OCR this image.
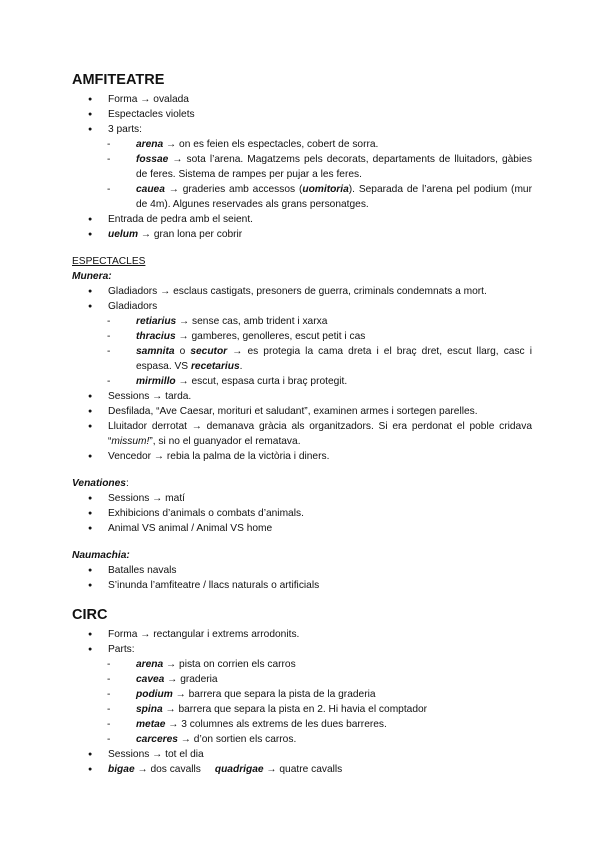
AMFITEATRE
● Forma → ovalada
● Espectacles violets
● 3 parts:
- arena → on es feien els espectacles, cobert de sorra.
- fossae → sota l’arena. Magatzems pels decorats, departaments de lluitadors, gàbies de feres. Sistema de rampes per pujar a les feres.
- cauea → graderies amb accessos (uomitoria). Separada de l’arena pel podium (mur de 4m). Algunes reservades als grans personatges.
● Entrada de pedra amb el seient.
● uelum → gran lona per cobrir
ESPECTACLES
Munera:
● Gladiadors → esclaus castigats, presoners de guerra, criminals condemnats a mort.
● Gladiadors
- retiarius → sense cas, amb trident i xarxa
- thracius → gamberes, genolleres, escut petit i cas
- samnita o secutor → es protegia la cama dreta i el braç dret, escut llarg, casc i espasa. VS recetarius.
- mirmillo → escut, espasa curta i braç protegit.
● Sessions → tarda.
● Desfilada, “Ave Caesar, morituri et saludant”, examinen armes i sortegen parelles.
● Lluitador derrotat → demanava gràcia als organitzadors. Si era perdonat el poble cridava “missum!”, si no el guanyador el rematava.
● Vencedor → rebia la palma de la victòria i diners.
Venationes:
● Sessions → matí
● Exhibicions d’animals o combats d’animals.
● Animal VS animal / Animal VS home
Naumachia:
● Batalles navals
● S’inunda l’amfiteatre / llacs naturals o artificials
CIRC
● Forma → rectangular i extrems arrodonits.
● Parts:
- arena → pista on corrien els carros
- cavea → graderia
- podium → barrera que separa la pista de la graderia
- spina → barrera que separa la pista en 2. Hi havia el comptador
- metae → 3 columnes als extrems de les dues barreres.
- carceres → d’on sortien els carros.
● Sessions → tot el dia
● bigae → dos cavalls quadrigae → quatre cavalls
